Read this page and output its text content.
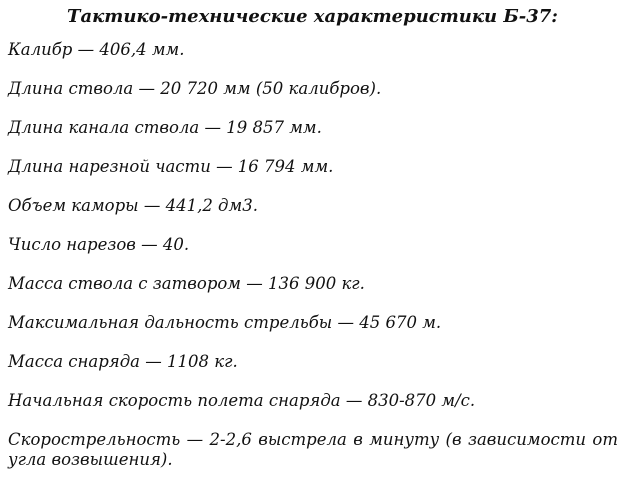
Тактико-технические характеристики Б-37:
Калибр — 406,4 мм.
Длина ствола — 20 720 мм (50 калибров).
Длина канала ствола — 19 857 мм.
Длина нарезной части — 16 794 мм.
Объем каморы — 441,2 дм3.
Число нарезов — 40.
Масса ствола с затвором — 136 900 кг.
Максимальная дальность стрельбы — 45 670 м.
Масса снаряда — 1108 кг.
Начальная скорость полета снаряда — 830-870 м/с.
Скорострельность — 2-2,6 выстрела в минуту (в зависимости от угла возвышения).
